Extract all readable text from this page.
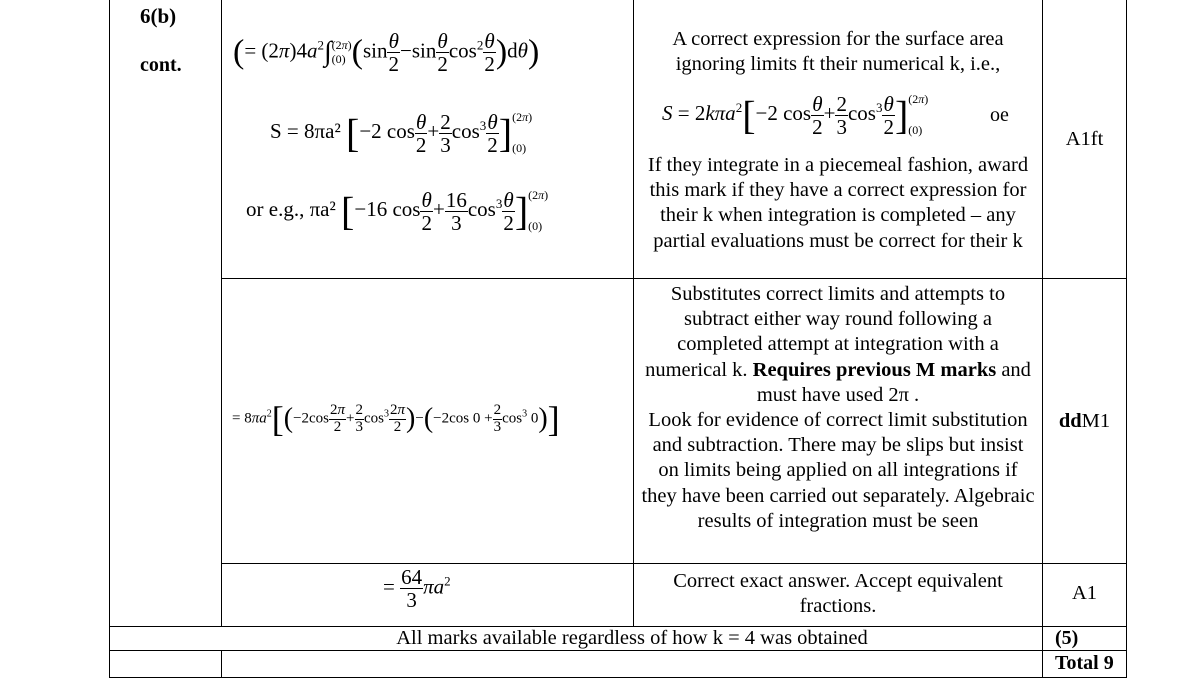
6(b)
cont. (= $(2\pi)4a^2\int$ (2π)
(0) $(\sin \frac{\theta}{2} -\sin \frac{\theta}{2} \cos^2 \frac{\theta}{2} )d\theta$)
S = 8πa² [−2 $\cos \frac{\theta}{2} + \frac{2}{3} \cos^3 \frac{\theta}{2}$ ] (2π)
(0)
or e.g., πa² [−16 $\cos \frac{\theta}{2} + \frac{16}{3} \cos^3 \frac{\theta}{2}$ ] (2π)
(0)
A correct expression for the surface area ignoring limits ft their numerical k, i.e.,
S = 2kπa$^2$[−2 $\cos \frac{\theta}{2} + \frac{2}{3} \cos^3 \frac{\theta}{2}$ ] (2π)
(0)
oe
If they integrate in a piecemeal fashion, award this mark if they have a correct expression for their k when integration is completed – any partial evaluations must be correct for their k
A1ft
= $8\pi a^2[(-2\cos \frac{2\pi}{2} + \frac{2}{3} \cos^3 \frac{2\pi}{2} )-(-2\cos$ $0 + \frac{2}{3} \cos^3 0$)]
Substitutes correct limits and attempts to subtract either way round following a completed attempt at integration with a numerical k. Requires previous M marks and must have used 2π .
Look for evidence of correct limit substitution and subtraction. There may be slips but insist on limits being applied on all integrations if they have been carried out separately. Algebraic results of integration must be seen
ddM1
= $\frac{64}{3} \pi a^2$	Correct exact answer. Accept equivalent fractions.
A1
All marks available regardless of how k = 4 was obtained	(5)
Total 9
